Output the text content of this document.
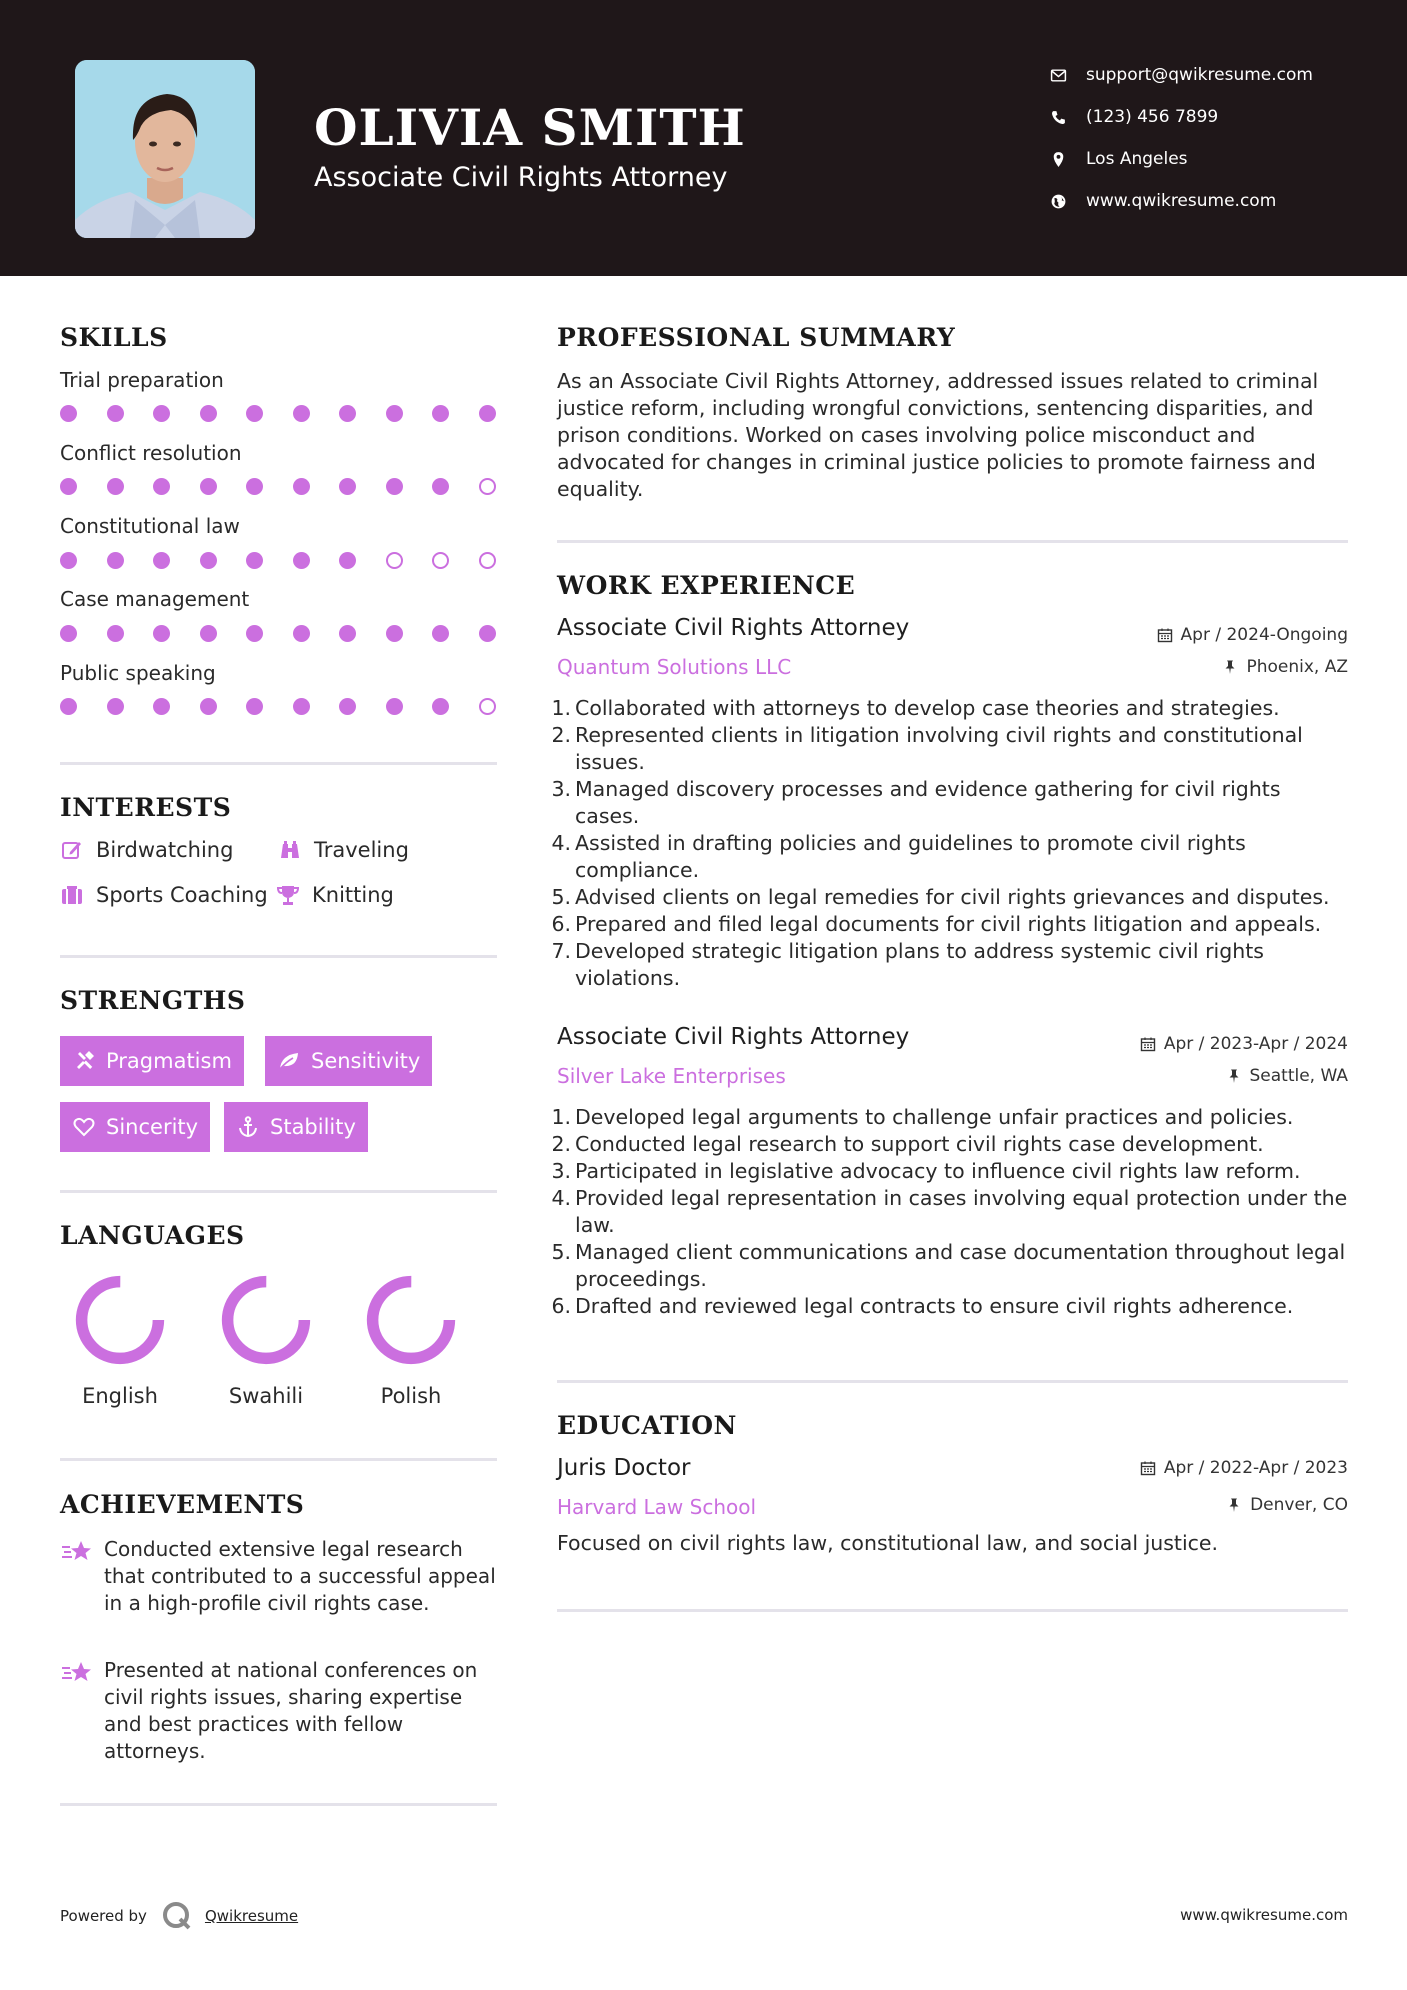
OLIVIA SMITH
Associate Civil Rights Attorney
support@qwikresume.com
(123) 456 7899
Los Angeles
www.qwikresume.com
SKILLS
Trial preparation
Conflict resolution
Constitutional law
Case management
Public speaking
INTERESTS
Birdwatching	Traveling
Sports Coaching Knitting
STRENGTHS
Pragmatism	Sensitivity
Sincerity	Stability
LANGUAGES
English	Swahili	Polish
ACHIEVEMENTS
Conducted extensive legal research that contributed to a successful appeal in a high-profile civil rights case.
Presented at national conferences on civil rights issues, sharing expertise and best practices with fellow attorneys.
PROFESSIONAL SUMMARY
As an Associate Civil Rights Attorney, addressed issues related to criminal justice reform, including wrongful convictions, sentencing disparities, and prison conditions. Worked on cases involving police misconduct and advocated for changes in criminal justice policies to promote fairness and equality.
WORK EXPERIENCE
Associate Civil Rights Attorney	Apr / 2024-Ongoing
Quantum Solutions LLC	Phoenix, AZ
1. Collaborated with attorneys to develop case theories and strategies.
2. Represented clients in litigation involving civil rights and constitutional issues.
3. Managed discovery processes and evidence gathering for civil rights cases.
4. Assisted in drafting policies and guidelines to promote civil rights compliance.
5. Advised clients on legal remedies for civil rights grievances and disputes.
6. Prepared and filed legal documents for civil rights litigation and appeals.
7. Developed strategic litigation plans to address systemic civil rights violations.
Associate Civil Rights Attorney	Apr / 2023-Apr / 2024
Silver Lake Enterprises	Seattle, WA
1. Developed legal arguments to challenge unfair practices and policies.
2. Conducted legal research to support civil rights case development.
3. Participated in legislative advocacy to influence civil rights law reform.
4. Provided legal representation in cases involving equal protection under the law.
5. Managed client communications and case documentation throughout legal proceedings.
6. Drafted and reviewed legal contracts to ensure civil rights adherence.
EDUCATION
Juris Doctor	Apr / 2022-Apr / 2023
Harvard Law School	Denver, CO
Focused on civil rights law, constitutional law, and social justice.
Powered by	Qwikresume	www.qwikresume.com
